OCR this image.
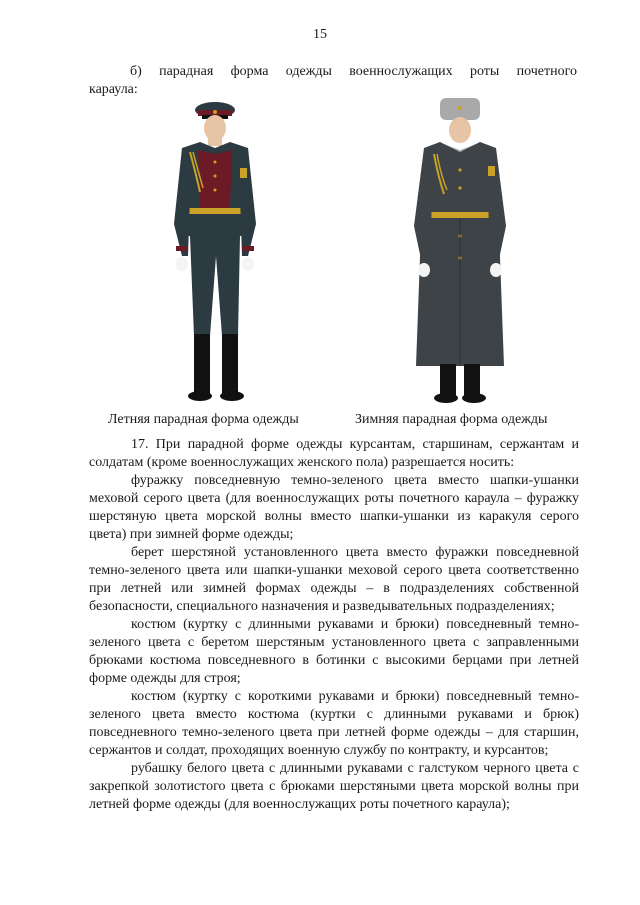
15
б) парадная форма одежды военнослужащих роты почетного
караула:
Летняя парадная форма одежды	Зимняя парадная форма одежды

17. При парадной форме одежды курсантам, старшинам, сержантам и солдатам (кроме военнослужащих женского пола) разрешается носить:

фуражку повседневную темно-зеленого цвета вместо шапки-ушанки меховой серого цвета (для военнослужащих роты почетного караула – фуражку шерстяную цвета морской волны вместо шапки-ушанки из каракуля серого цвета) при зимней форме одежды;

берет шерстяной установленного цвета вместо фуражки повседневной темно-зеленого цвета или шапки-ушанки меховой серого цвета соответственно при летней или зимней формах одежды – в подразделениях собственной безопасности, специального назначения и разведывательных подразделениях;

костюм (куртку с длинными рукавами и брюки) повседневный темно-зеленого цвета с беретом шерстяным установленного цвета с заправленными брюками костюма повседневного в ботинки с высокими берцами при летней форме одежды для строя;

костюм (куртку с короткими рукавами и брюки) повседневный темно-зеленого цвета вместо костюма (куртки с длинными рукавами и брюк) повседневного темно-зеленого цвета при летней форме одежды – для старшин, сержантов и солдат, проходящих военную службу по контракту, и курсантов;

рубашку белого цвета с длинными рукавами с галстуком черного цвета с закрепкой золотистого цвета с брюками шерстяными цвета морской волны при летней форме одежды (для военнослужащих роты почетного караула);
